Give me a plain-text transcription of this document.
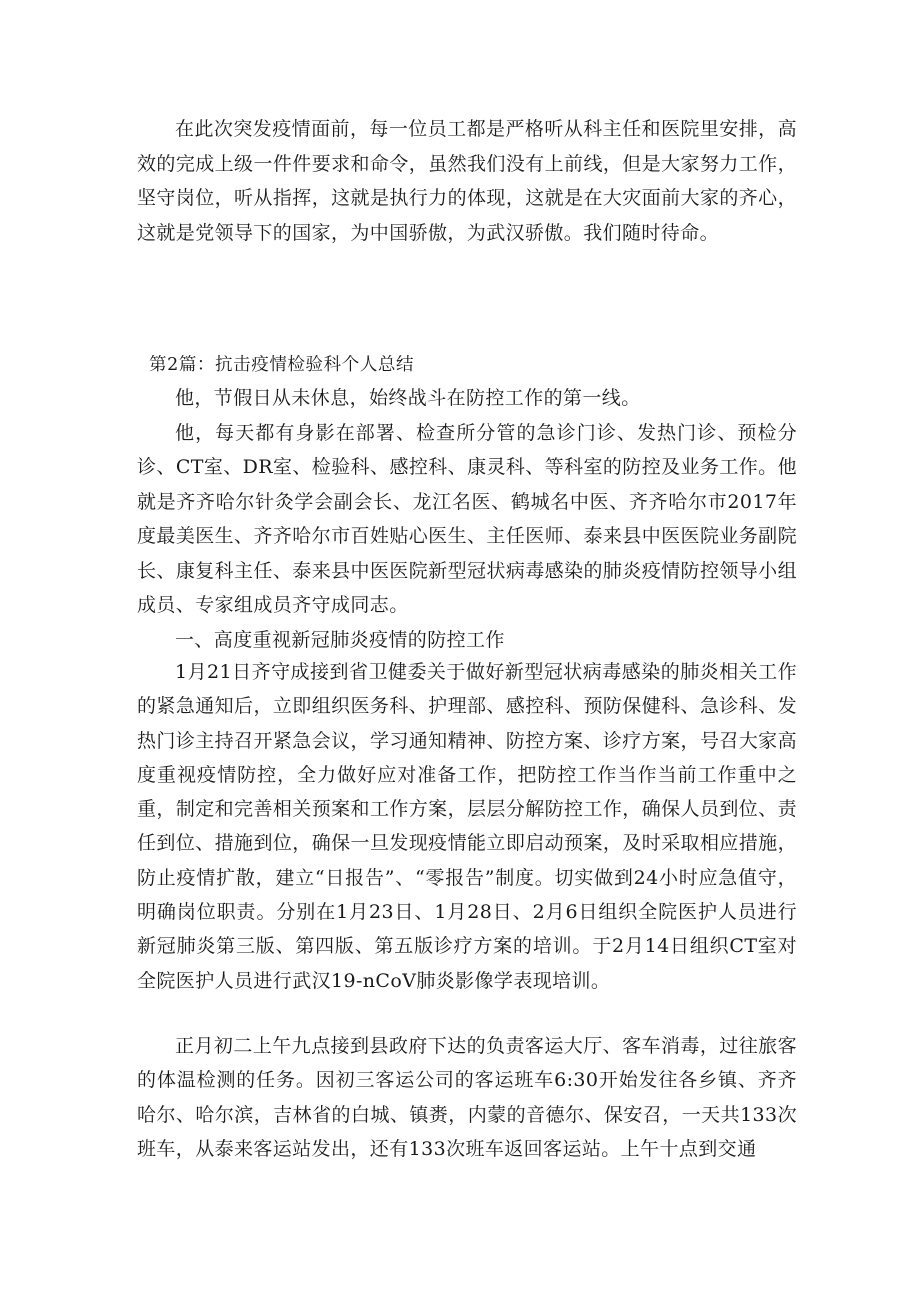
在此次突发疫情面前，每一位员工都是严格听从科主任和医院里安排，高效的完成上级一件件要求和命令，虽然我们没有上前线，但是大家努力工作，坚守岗位，听从指挥，这就是执行力的体现，这就是在大灾面前大家的齐心，这就是党领导下的国家，为中国骄傲，为武汉骄傲。我们随时待命。

第2篇：抗击疫情检验科个人总结

他，节假日从未休息，始终战斗在防控工作的第一线。

他，每天都有身影在部署、检查所分管的急诊门诊、发热门诊、预检分诊、CT室、DR室、检验科、感控科、康灵科、等科室的防控及业务工作。他就是齐齐哈尔针灸学会副会长、龙江名医、鹤城名中医、齐齐哈尔市2017年度最美医生、齐齐哈尔市百姓贴心医生、主任医师、泰来县中医医院业务副院长、康复科主任、泰来县中医医院新型冠状病毒感染的肺炎疫情防控领导小组成员、专家组成员齐守成同志。

一、高度重视新冠肺炎疫情的防控工作

1月21日齐守成接到省卫健委关于做好新型冠状病毒感染的肺炎相关工作的紧急通知后，立即组织医务科、护理部、感控科、预防保健科、急诊科、发热门诊主持召开紧急会议，学习通知精神、防控方案、诊疗方案，号召大家高度重视疫情防控，全力做好应对准备工作，把防控工作当作当前工作重中之重，制定和完善相关预案和工作方案，层层分解防控工作，确保人员到位、责任到位、措施到位，确保一旦发现疫情能立即启动预案，及时采取相应措施，防止疫情扩散，建立“日报告”、“零报告”制度。切实做到24小时应急值守，明确岗位职责。分别在1月23日、1月28日、2月6日组织全院医护人员进行新冠肺炎第三版、第四版、第五版诊疗方案的培训。于2月14日组织CT室对全院医护人员进行武汉19-nCoV肺炎影像学表现培训。

正月初二上午九点接到县政府下达的负责客运大厅、客车消毒，过往旅客的体温检测的任务。因初三客运公司的客运班车6:30开始发往各乡镇、齐齐哈尔、哈尔滨，吉林省的白城、镇赉，内蒙的音德尔、保安召，一天共133次班车，从泰来客运站发出，还有133次班车返回客运站。上午十点到交通
